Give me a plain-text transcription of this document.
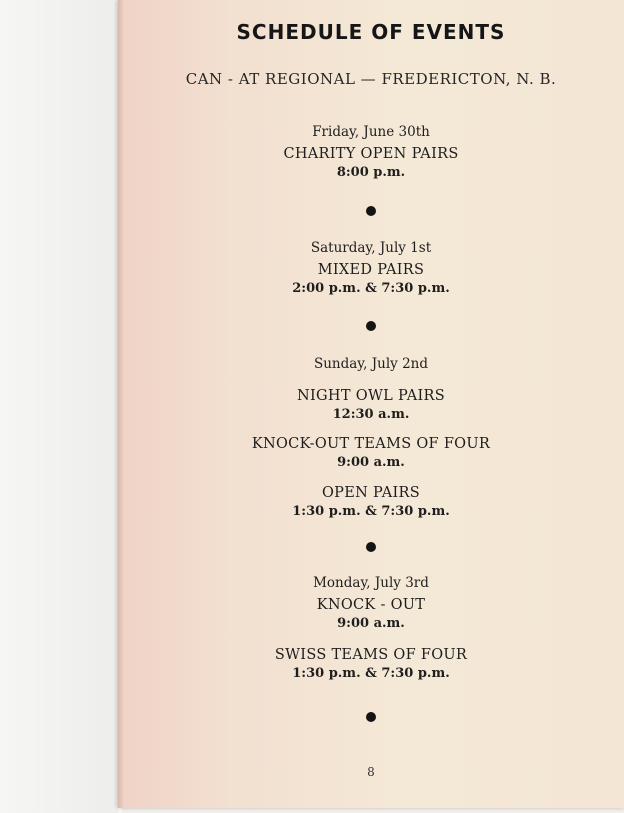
SCHEDULE OF EVENTS
CAN - AT REGIONAL — FREDERICTON, N. B.
Friday, June 30th
CHARITY OPEN PAIRS
8:00 p.m.
Saturday, July 1st
MIXED PAIRS
2:00 p.m. & 7:30 p.m.
Sunday, July 2nd
NIGHT OWL PAIRS
12:30 a.m.
KNOCK-OUT TEAMS OF FOUR
9:00 a.m.
OPEN PAIRS
1:30 p.m. & 7:30 p.m.
Monday, July 3rd
KNOCK - OUT
9:00 a.m.
SWISS TEAMS OF FOUR
1:30 p.m. & 7:30 p.m.
8
